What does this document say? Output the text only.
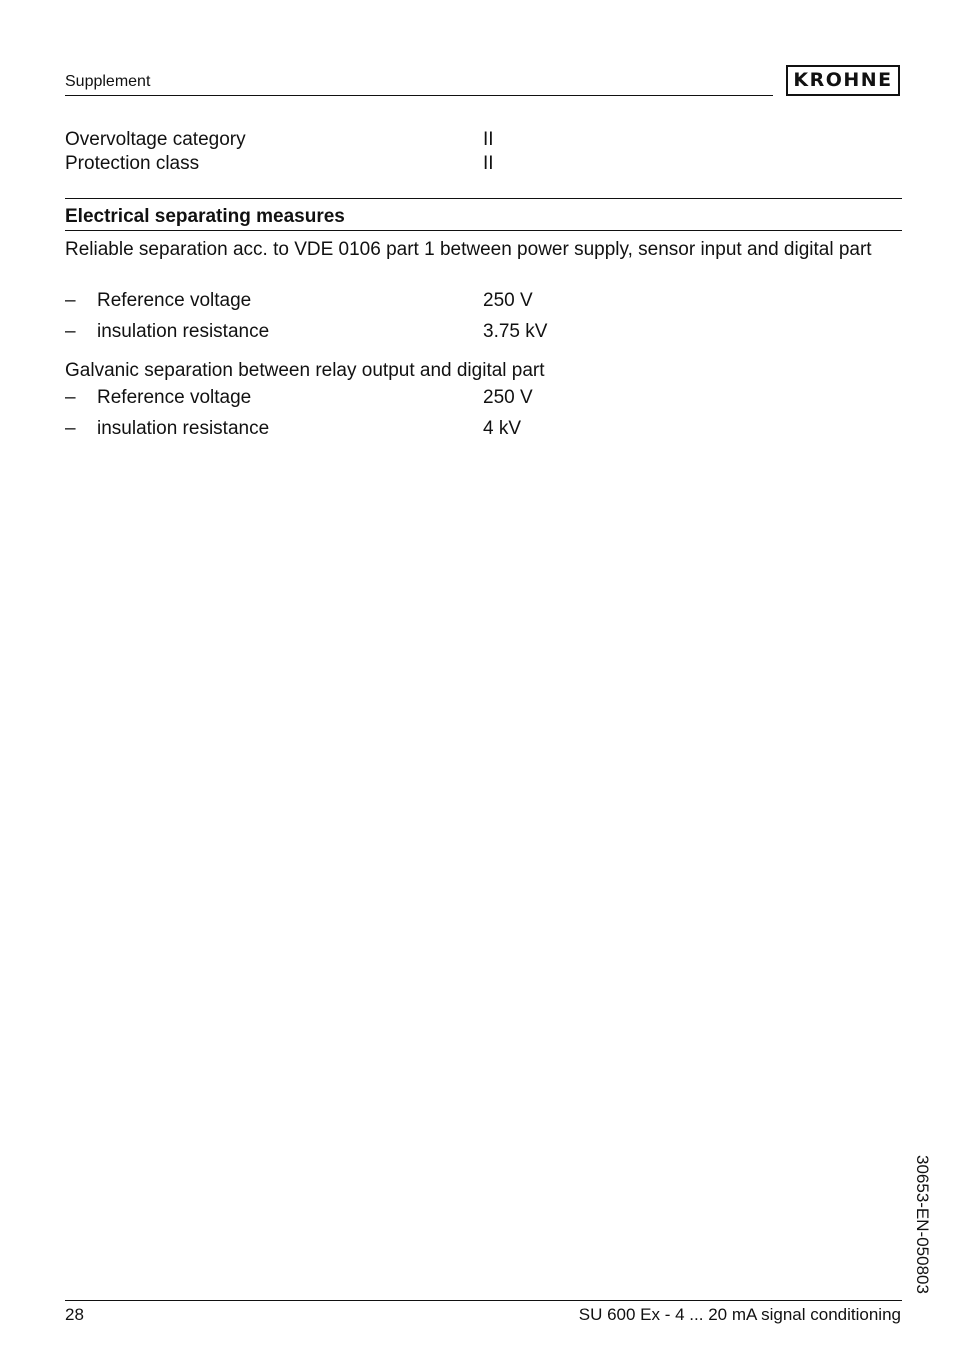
Supplement	KROHNE
Overvoltage category	II
Protection class	II
Electrical separating measures
Reliable separation acc. to VDE 0106 part 1 between power supply, sensor input and digital part
– Reference voltage	250 V
– insulation resistance	3.75 kV
Galvanic separation between relay output and digital part
– Reference voltage	250 V
– insulation resistance	4 kV
30653-EN-050803
28	SU 600 Ex - 4 ... 20 mA signal conditioning
